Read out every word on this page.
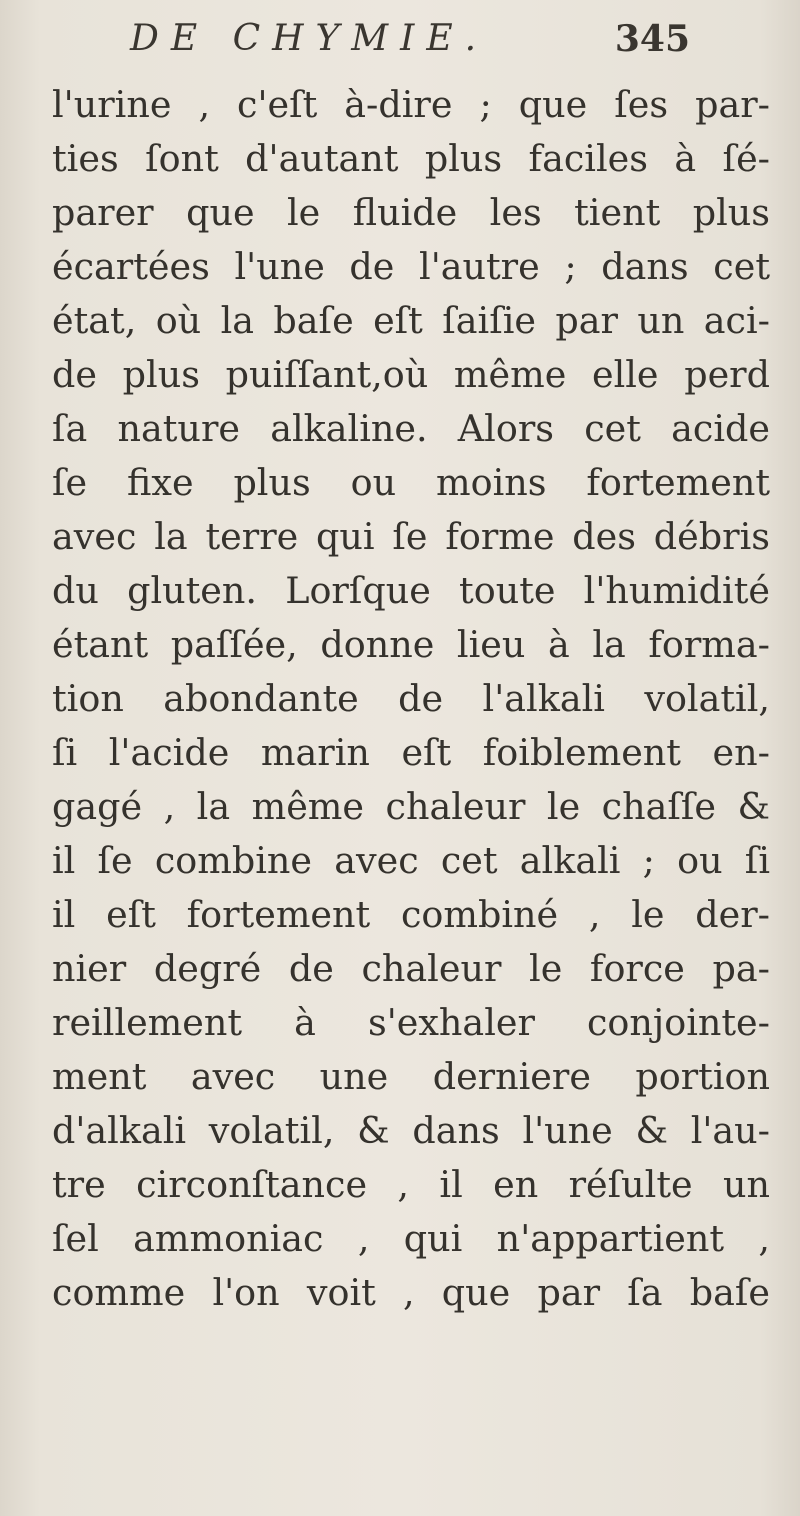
DE CHYMIE.	345
l'urine , c'eſt à-dire ; que ſes par-
ties ſont d'autant plus faciles à ſé-
parer que le fluide les tient plus
écartées l'une de l'autre ; dans cet
état, où la baſe eſt ſaiſie par un aci-
de plus puiſſant,où même elle perd
ſa nature alkaline. Alors cet acide
ſe fixe plus ou moins fortement
avec la terre qui ſe forme des débris
du gluten. Lorſque toute l'humidité
étant paſſée, donne lieu à la forma-
tion abondante de l'alkali volatil,
ſi l'acide marin eſt foiblement en-
gagé , la même chaleur le chaſſe &
il ſe combine avec cet alkali ; ou ſi
il eſt fortement combiné , le der-
nier degré de chaleur le force pa-
reillement à s'exhaler conjointe-
ment avec une derniere portion
d'alkali volatil, & dans l'une & l'au-
tre circonſtance , il en réſulte un
ſel ammoniac , qui n'appartient ,
comme l'on voit , que par ſa baſe
